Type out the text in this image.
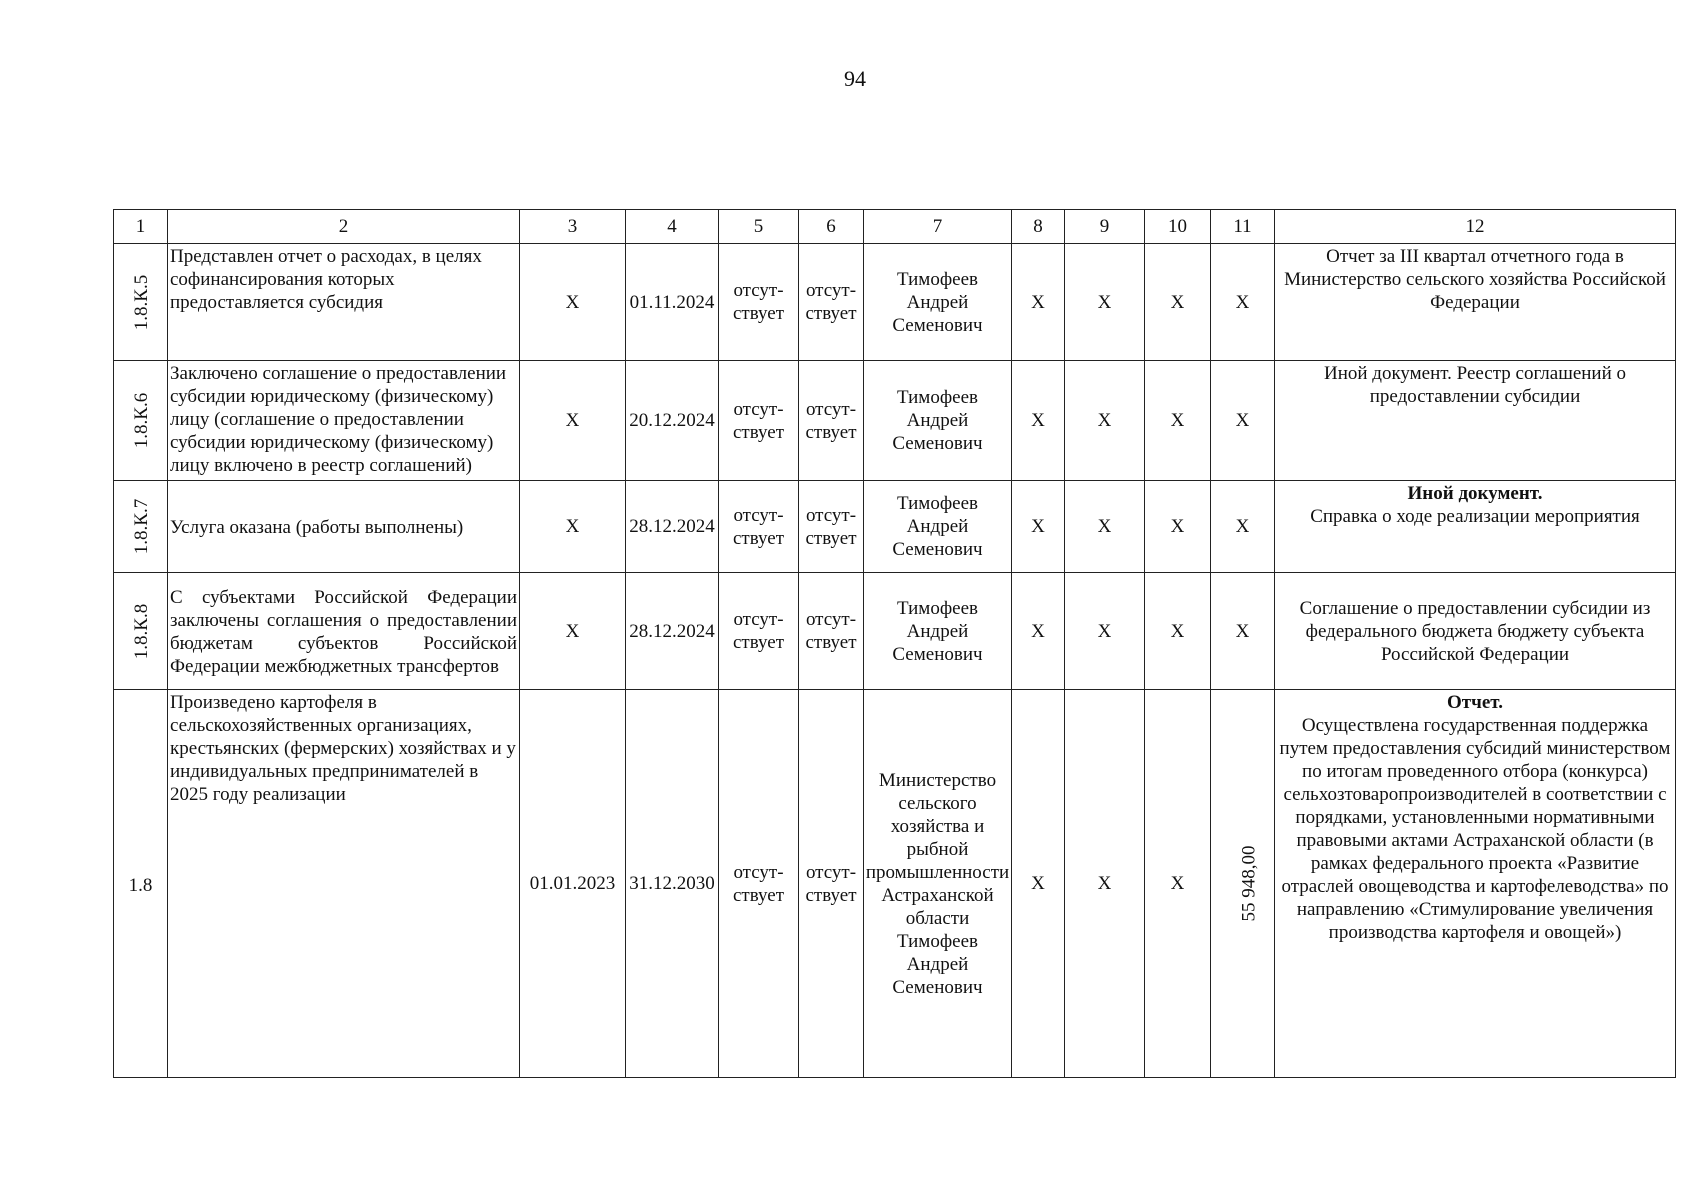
94
1	2	3	4	5	6	7	8	9	10	11	12
1.8.К.5	Представлен отчет о расходах, в целях софинансирования которых предоставляется субсидия	X	01.11.2024	отсут-ствует	отсут-ствует	Тимофеев Андрей Семенович	X	X	X	X	Отчет за III квартал отчетного года в Министерство сельского хозяйства Российской Федерации
1.8.К.6	Заключено соглашение о предоставлении субсидии юридическому (физическому) лицу (соглашение о предоставлении субсидии юридическому (физическому) лицу включено в реестр соглашений)	X	20.12.2024	отсут-ствует	отсут-ствует	Тимофеев Андрей Семенович	X	X	X	X	Иной документ. Реестр соглашений о предоставлении субсидии
1.8.К.7	Услуга оказана (работы выполнены)	X	28.12.2024	отсут-ствует	отсут-ствует	Тимофеев Андрей Семенович	X	X	X	X	Иной документ.
Справка о ходе реализации мероприятия

1.8.К.8	С субъектами Российской Федерации заключены соглашения о предоставлении бюджетам субъектов Российской Федерации межбюджетных трансфертов	X	28.12.2024	отсут-ствует	отсут-ствует	Тимофеев Андрей Семенович	X	X	X	X	Соглашение о предоставлении субсидии из федерального бюджета бюджету субъекта Российской Федерации
1.8	Произведено картофеля в сельскохозяйственных организациях, крестьянских (фермерских) хозяйствах и у индивидуальных предпринимателей в 2025 году реализации	01.01.2023	31.12.2030	отсут-ствует	отсут-ствует	Министерство сельского хозяйства и рыбной промышленности Астраханской области Тимофеев Андрей Семенович	X	X	X	55 948,00	Отчет.
Осуществлена государственная поддержка путем предоставления субсидий министерством по итогам проведенного отбора (конкурса) сельхозтоваропроизводителей в соответствии с порядками, установленными нормативными правовыми актами Астраханской области (в рамках федерального проекта «Развитие отраслей овощеводства и картофелеводства» по направлению «Стимулирование увеличения производства картофеля и овощей»)
